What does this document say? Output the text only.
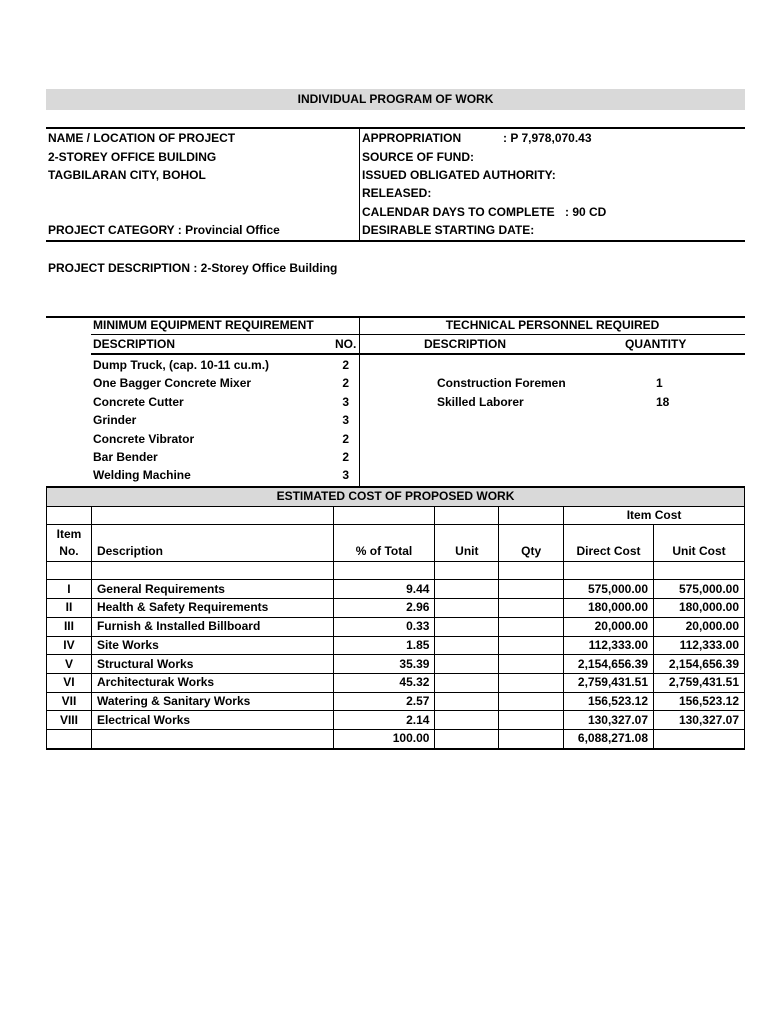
INDIVIDUAL PROGRAM OF WORK
NAME / LOCATION OF PROJECT
2-STOREY OFFICE BUILDING
TAGBILARAN CITY, BOHOL
PROJECT CATEGORY : Provincial Office
APPROPRIATION	: P 7,978,070.43
SOURCE OF FUND:
ISSUED OBLIGATED AUTHORITY:
RELEASED:
CALENDAR DAYS TO COMPLETE : 90 CD
DESIRABLE STARTING DATE:
PROJECT DESCRIPTION : 2-Storey Office Building
MINIMUM EQUIPMENT REQUIREMENT
DESCRIPTION	NO.
TECHNICAL PERSONNEL REQUIRED
DESCRIPTION	QUANTITY
Dump Truck, (cap. 10-11 cu.m.)	2
One Bagger Concrete Mixer	2
Concrete Cutter	3
Grinder	3
Concrete Vibrator	2
Bar Bender	2
Welding Machine	3
Construction Foremen	1
Skilled Laborer	18
ESTIMATED COST OF PROPOSED WORK						
					Item Cost	
Item						
No.	Description	% of Total	Unit	Qty	Direct Cost	Unit Cost

I	General Requirements	9.44			575,000.00	575,000.00
II	Health & Safety Requirements	2.96			180,000.00	180,000.00
III	Furnish & Installed Billboard	0.33			20,000.00	20,000.00
IV	Site Works	1.85			112,333.00	112,333.00
V	Structural Works	35.39			2,154,656.39	2,154,656.39
VI	Architecturak Works	45.32			2,759,431.51	2,759,431.51
VII	Watering & Sanitary Works	2.57			156,523.12	156,523.12
VIII	Electrical Works	2.14			130,327.07	130,327.07
		100.00			6,088,271.08	
